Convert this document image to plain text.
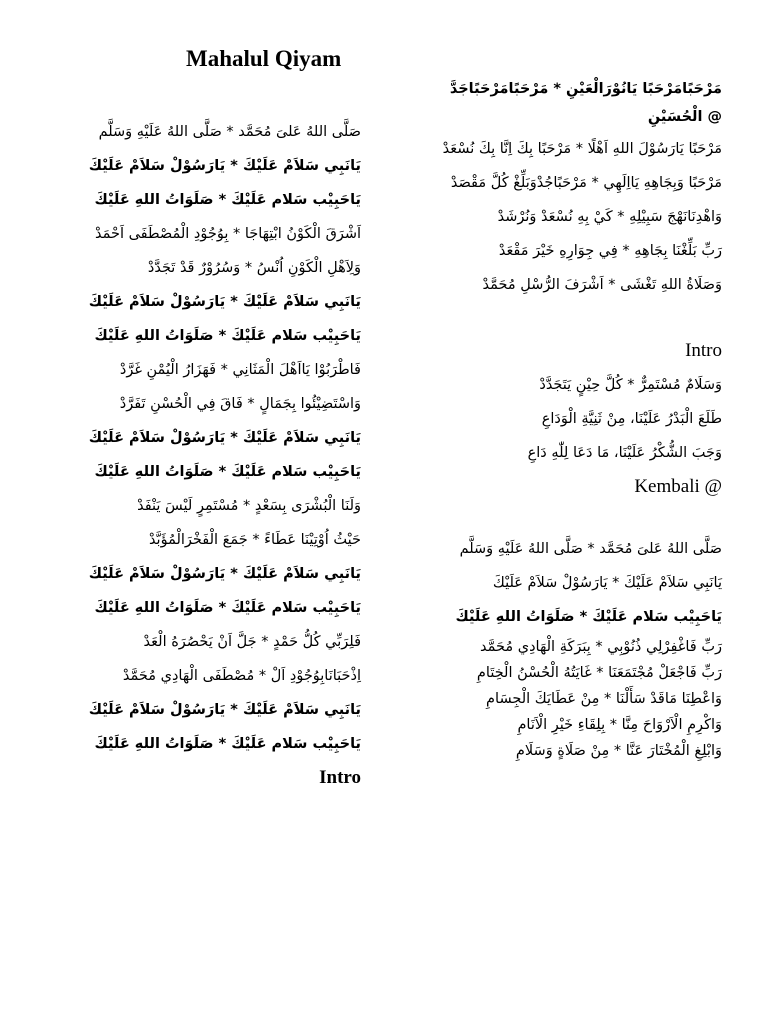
Mahalul Qiyam
صَلَّى اللهُ عَلىَ مُحَمَّد * صَلَّى اللهُ عَلَيْهِ وَسَلَّم
يَانَبِي سَلاَمْ عَلَيْكَ * يَارَسُوْلْ سَلاَمْ عَلَيْكَ
يَاحَبِيْب سَلام عَلَيْكَ * صَلَوَاتُ اللهِ عَلَيْكَ
اَشْرَقَ الْكَوْنُ ابْتِهَاجَا * بِوُجُوْدِ الْمُصْطَفَى اَحْمَدْ
وَلِاَهْلِ الْكَوْنِ اُنْسُ * وَسُرُوْرٌ قَدْ تَجَدَّدْ
يَانَبِي سَلاَمْ عَلَيْكَ * يَارَسُوْلْ سَلاَمْ عَلَيْكَ
يَاحَبِيْب سَلام عَلَيْكَ * صَلَوَاتُ اللهِ عَلَيْكَ
فَاطْرَبُوْا يَااَهْلَ الْمَثَانِي * فَهَزَارُ الْيُمْنِ غَرَّدْ
وَاسْتَضِيْئُوا بِجَمَالٍ * فَاقَ فِي الْحُسْنِ تَفَرَّدْ
يَانَبِي سَلاَمْ عَلَيْكَ * يَارَسُوْلْ سَلاَمْ عَلَيْكَ
يَاحَبِيْب سَلام عَلَيْكَ * صَلَوَاتُ اللهِ عَلَيْكَ
وَلَنَا الْبُشْرَى بِسَعْدٍ * مُسْتَمِرٍ لَيْسَ يَنْفَدْ
حَيْثُ اُوْتِيْنَا عَطَاءً * جَمَعَ الْفَخْرَالْمُؤَبَّدْ
يَانَبِي سَلاَمْ عَلَيْكَ * يَارَسُوْلْ سَلاَمْ عَلَيْكَ
يَاحَبِيْب سَلام عَلَيْكَ * صَلَوَاتُ اللهِ عَلَيْكَ
فَلِرَبِّي كُلُّ حَمْدٍ * جَلَّ اَنْ يَحْصُرَهُ الْعَدْ
اِذْحَبَانَابِوُجُوْدِ اَلْ * مُصْطَفَى الْهَادِي مُحَمَّدْ
يَانَبِي سَلاَمْ عَلَيْكَ * يَارَسُوْلْ سَلاَمْ عَلَيْكَ
يَاحَبِيْب سَلام عَلَيْكَ * صَلَوَاتُ اللهِ عَلَيْكَ
Intro
مَرْحَبًامَرْحَبًا يَانُوْرَالْعَيْنِ * مَرْحَبًامَرْحَبًاجَدَّ
@ الْحُسَيْنِ
مَرْحَبًا يَارَسُوْلَ اللهِ اَهْلًا * مَرْحَبًا بِكَ اِنَّا بِكَ نُسْعَدْ
مَرْحَبًا وَبِجَاهِهِ يَااِلَهِي * مَرْحَبًاجُدْوَبَلِّغْ كُلَّ مَقْصَدْ
وَاهْدِنَانَهْجَ سَبِيْلِهِ * كَيْ بِهِ نُسْعَدْ وَنُرْشَدْ
رَبِّ بَلِّغْنَا بِجَاهِهِ * فِي جِوَارِهِ خَيْرَ مَقْعَدْ
وَصَلَاةُ اللهِ تَغْشَى * اَشْرَفَ الرُّسْلِ مُحَمَّدْ
Intro
وَسَلَامٌ مُسْتَمِرٌّ * كُلَّ حِيْنٍ يَتَجَدَّدْ
طَلَعَ الْبَدْرُ عَلَيْنَا، مِنْ ثَنِيَّةِ الْوَدَاعِ
وَجَبَ الشُّكْرُ عَلَيْنَا، مَا دَعَا لِلّٰهِ دَاعِ
Kembali @
صَلَّى اللهُ عَلىَ مُحَمَّد * صَلَّى اللهُ عَلَيْهِ وَسَلَّم
يَانَبِي سَلاَمْ عَلَيْكَ * يَارَسُوْلْ سَلاَمْ عَلَيْكَ
يَاحَبِيْب سَلام عَلَيْكَ * صَلَوَاتُ اللهِ عَلَيْكَ
رَبِّ فَاغْفِرْلِي ذُنُوْبِي * بِبَرَكَةِ الْهَادِي مُحَمَّد
رَبِّ فَاجْعَلْ مُجْتَمَعَنَا * غَايَتُهُ الْحُسْنُ الْخِتَامِ
وَاعْطِنَا مَاقَدْ سَأَلْنَا * مِنْ عَطَايَكَ الْجِسَامِ
وَاكْرِمِ الْاَرْوَاحَ مِنَّا * بِلِقَاءِ خَيْرِ الْاَنَامِ
وَابْلِغِ الْمُخْتَارَ عَنَّا * مِنْ صَلَاةٍ وَسَلَامِ
